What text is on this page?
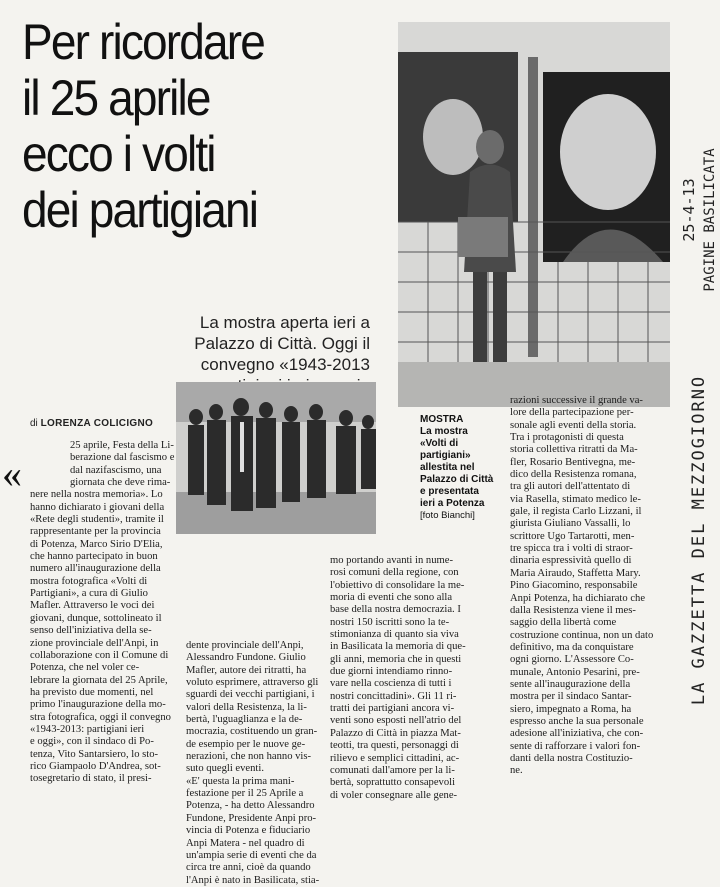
Per ricordare
il 25 aprile
ecco i volti
dei partigiani
La mostra aperta ieri a
Palazzo di Città. Oggi il
convegno «1943-2013
di LORENZA COLICIGNO	MOSTRA
La mostra
«Volti di
partigiani»
allestita nel
Palazzo di Città
e presentata
ieri a Potenza
[foto Bianchi]
«
25 aprile, Festa della Li-
berazione dal fascismo e
dal nazifascismo, una
giornata che deve rima-
nere nella nostra memoria». Lo
hanno dichiarato i giovani della
«Rete degli studenti», tramite il
rappresentante per la provincia
di Potenza, Marco Sirio D'Elia,
che hanno partecipato in buon
numero all'inaugurazione della
mostra fotografica «Volti di
Partigiani», a cura di Giulio
Mafler. Attraverso le voci dei
giovani, dunque, sottolineato il
senso dell'iniziativa della se-
zione provinciale dell'Anpi, in
collaborazione con il Comune di
Potenza, che nel voler ce-
lebrare la giornata del 25 Aprile,
ha previsto due momenti, nel
primo l'inaugurazione della mo-
stra fotografica, oggi il convegno
«1943-2013: partigiani ieri
e oggi», con il sindaco di Po-
tenza, Vito Santarsiero, lo sto-
rico Giampaolo D'Andrea, sot-
tosegretario di stato, il presi-
dente provinciale dell'Anpi,
Alessandro Fundone. Giulio
Mafler, autore dei ritratti, ha
voluto esprimere, attraverso gli
sguardi dei vecchi partigiani, i
valori della Resistenza, la li-
bertà, l'uguaglianza e la de-
mocrazia, costituendo un gran-
de esempio per le nuove ge-
nerazioni, che non hanno vis-
suto quegli eventi.
«E' questa la prima mani-
festazione per il 25 Aprile a
Potenza, - ha detto Alessandro
Fundone, Presidente Anpi pro-
vincia di Potenza e fiduciario
Anpi Matera - nel quadro di
un'ampia serie di eventi che da
circa tre anni, cioè da quando
l'Anpi è nato in Basilicata, stia-
mo portando avanti in nume-
rosi comuni della regione, con
l'obiettivo di consolidare la me-
moria di eventi che sono alla
base della nostra democrazia. I
nostri 150 iscritti sono la te-
stimonianza di quanto sia viva
in Basilicata la memoria di que-
gli anni, memoria che in questi
due giorni intendiamo rinno-
vare nella coscienza di tutti i
nostri concittadini». Gli 11 ri-
tratti dei partigiani ancora vi-
venti sono esposti nell'atrio del
Palazzo di Città in piazza Mat-
teotti, tra questi, personaggi di
rilievo e semplici cittadini, ac-
comunati dall'amore per la li-
bertà, soprattutto consapevoli
di voler consegnare alle gene-
razioni successive il grande va-
lore della partecipazione per-
sonale agli eventi della storia.
Tra i protagonisti di questa
storia collettiva ritratti da Ma-
fler, Rosario Bentivegna, me-
dico della Resistenza romana,
tra gli autori dell'attentato di
via Rasella, stimato medico le-
gale, il regista Carlo Lizzani, il
giurista Giuliano Vassalli, lo
scrittore Ugo Tartarotti, men-
tre spicca tra i volti di straor-
dinaria espressività quello di
Maria Airaudo, Staffetta Mary.
Pino Giacomino, responsabile
Anpi Potenza, ha dichiarato che
dalla Resistenza viene il mes-
saggio della libertà come
costruzione continua, non un dato
definitivo, ma da conquistare
ogni giorno. L'Assessore Co-
munale, Antonio Pesarini, pre-
sente all'inaugurazione della
mostra per il sindaco Santar-
siero, impegnato a Roma, ha
espresso anche la sua personale
adesione all'iniziativa, che con-
sente di rafforzare i valori fon-
danti della nostra Costituzio-
ne.
25-4-13 PAGINE BASILICATA
LA GAZZETTA DEL MEZZOGIORNO
